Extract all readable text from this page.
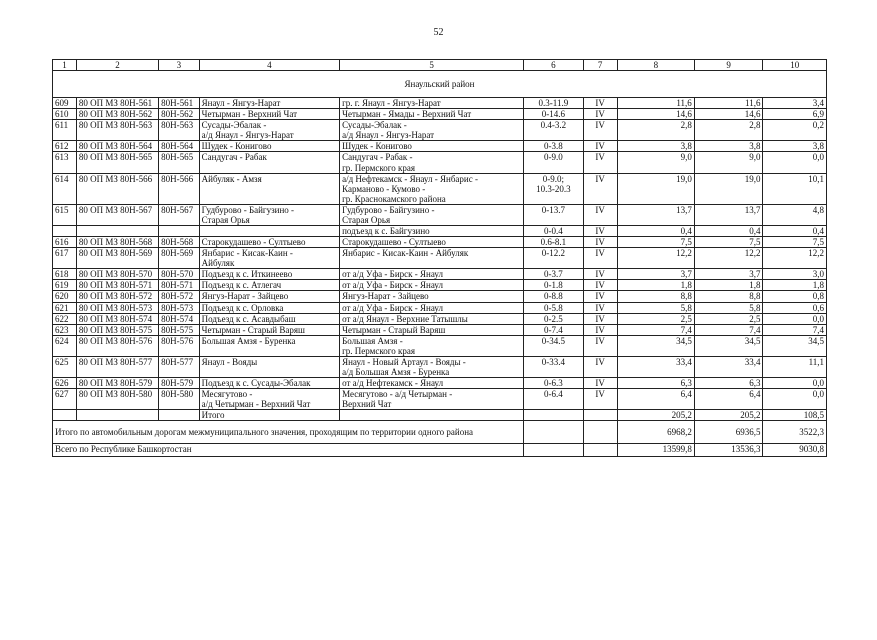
52
1	2	3	4	5	6	7	8	9	10
Янаульский район									
609	80 ОП МЗ 80Н-561	80Н-561	Янаул - Янгуз-Нарат	гр. г. Янаул - Янгуз-Нарат	0.3-11.9	IV	11,6	11,6	3,4
610	80 ОП МЗ 80Н-562	80Н-562	Четырман - Верхний Чат	Четырман - Ямады - Верхний Чат	0-14.6	IV	14,6	14,6	6,9
611	80 ОП МЗ 80Н-563	80Н-563	Сусады-Эбалак -
а/д Янаул - Янгуз-Нарат	Сусады-Эбалак -
а/д Янаул - Янгуз-Нарат	0.4-3.2	IV	2,8	2,8	0,2
612	80 ОП МЗ 80Н-564	80Н-564	Шудек - Конигово	Шудек - Конигово	0-3.8	IV	3,8	3,8	3,8
613	80 ОП МЗ 80Н-565	80Н-565	Сандугач - Рабак	Сандугач - Рабак -
гр. Пермского края	0-9.0	IV	9,0	9,0	0,0
614	80 ОП МЗ 80Н-566	80Н-566	Айбуляк - Амзя	а/д Нефтекамск - Янаул - Янбарис -
Карманово - Кумово -
гр. Краснокамского района	0-9.0;
10.3-20.3	IV	19,0	19,0	10,1
615	80 ОП МЗ 80Н-567	80Н-567	Гудбурово - Байгузино -
Старая Орья	Гудбурово - Байгузино -
Старая Орья	0-13.7	IV	13,7	13,7	4,8

				подъезд к с. Байгузино	0-0.4	IV	0,4	0,4	0,4
616	80 ОП МЗ 80Н-568	80Н-568	Старокудашево - Султыево	Старокудашево - Султыево	0.6-8.1	IV	7,5	7,5	7,5
617	80 ОП МЗ 80Н-569	80Н-569	Янбарис - Кисак-Каин -
Айбуляк	Янбарис - Кисак-Каин - Айбуляк	0-12.2	IV	12,2	12,2	12,2
618	80 ОП МЗ 80Н-570	80Н-570	Подъезд к с. Иткинеево	от а/д Уфа - Бирск - Янаул	0-3.7	IV	3,7	3,7	3,0
619	80 ОП МЗ 80Н-571	80Н-571	Подъезд к с. Атлегач	от а/д Уфа - Бирск - Янаул	0-1.8	IV	1,8	1,8	1,8
620	80 ОП МЗ 80Н-572	80Н-572	Янгуз-Нарат - Зайцево	Янгуз-Нарат - Зайцево	0-8.8	IV	8,8	8,8	0,8
621	80 ОП МЗ 80Н-573	80Н-573	Подъезд к с. Орловка	от а/д Уфа - Бирск - Янаул	0-5.8	IV	5,8	5,8	0,6
622	80 ОП МЗ 80Н-574	80Н-574	Подъезд к с. Асавдыбаш	от а/д Янаул - Верхние Татышлы	0-2.5	IV	2,5	2,5	0,0
623	80 ОП МЗ 80Н-575	80Н-575	Четырман - Старый Варяш	Четырман - Старый Варяш	0-7.4	IV	7,4	7,4	7,4
624	80 ОП МЗ 80Н-576	80Н-576	Большая Амзя - Буренка	Большая Амзя -
гр. Пермского края	0-34.5	IV	34,5	34,5	34,5
625	80 ОП МЗ 80Н-577	80Н-577	Янаул - Вояды	Янаул - Новый Артаул - Вояды -
а/д Большая Амзя - Буренка	0-33.4	IV	33,4	33,4	11,1
626	80 ОП МЗ 80Н-579	80Н-579	Подъезд к с. Сусады-Эбалак	от а/д Нефтекамск - Янаул	0-6.3	IV	6,3	6,3	0,0
627	80 ОП МЗ 80Н-580	80Н-580	Месягутово -
а/д Четырман - Верхний Чат	Месягутово - а/д Четырман -
Верхний Чат	0-6.4	IV	6,4	6,4	0,0
			Итого				205,2	205,2	108,5
Итого по автомобильным дорогам межмуниципального значения, проходящим по территории одного района							6968,2	6936,5	3522,3
Всего по Республике Башкортостан							13599,8	13536,3	9030,8
